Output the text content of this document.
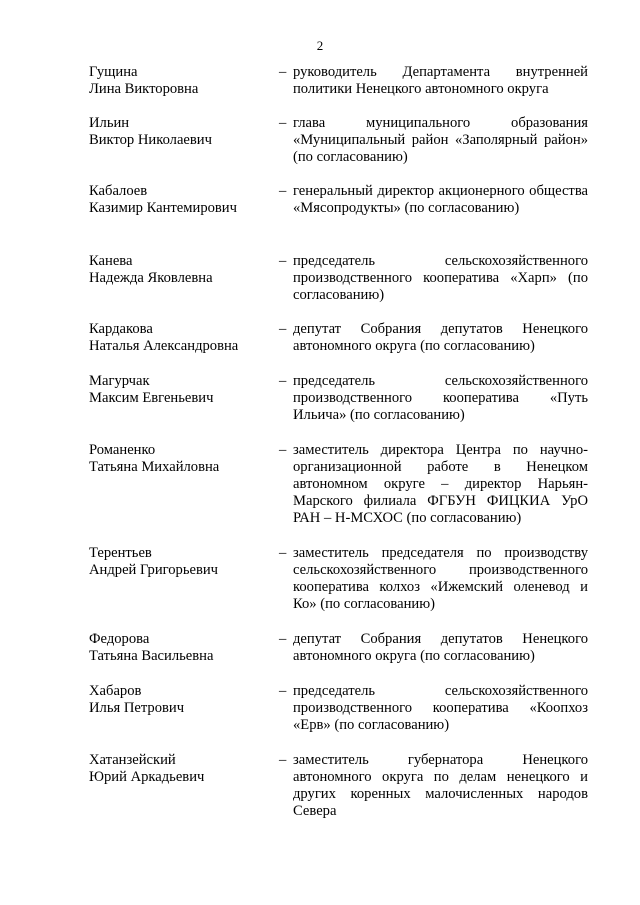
2
Гущина
Лина Викторовна
– руководитель Департамента внутренней политики Ненецкого автономного округа
Ильин
Виктор Николаевич
– глава муниципального образования «Муниципальный район «Заполярный район» (по согласованию)
Кабалоев
Казимир Кантемирович
– генеральный директор акционерного общества «Мясопродукты» (по согласованию)
Канева
Надежда Яковлевна
– председатель сельскохозяйственного производственного кооператива «Харп» (по согласованию)
Кардакова
Наталья Александровна
– депутат Собрания депутатов Ненецкого автономного округа (по согласованию)
Магурчак
Максим Евгеньевич
– председатель сельскохозяйственного производственного кооператива «Путь Ильича» (по согласованию)
Романенко
Татьяна Михайловна
– заместитель директора Центра по научно-организационной работе в Ненецком автономном округе – директор Нарьян-Марского филиала ФГБУН ФИЦКИА УрО РАН – Н-МСХОС (по согласованию)
Терентьев
Андрей Григорьевич
– заместитель председателя по производству сельскохозяйственного производственного кооператива колхоз «Ижемский оленевод и Ко» (по согласованию)
Федорова
Татьяна Васильевна
– депутат Собрания депутатов Ненецкого автономного округа (по согласованию)
Хабаров
Илья Петрович
– председатель сельскохозяйственного производственного кооператива «Коопхоз «Ерв» (по согласованию)
Хатанзейский
Юрий Аркадьевич
– заместитель губернатора Ненецкого автономного округа по делам ненецкого и других коренных малочисленных народов Севера
